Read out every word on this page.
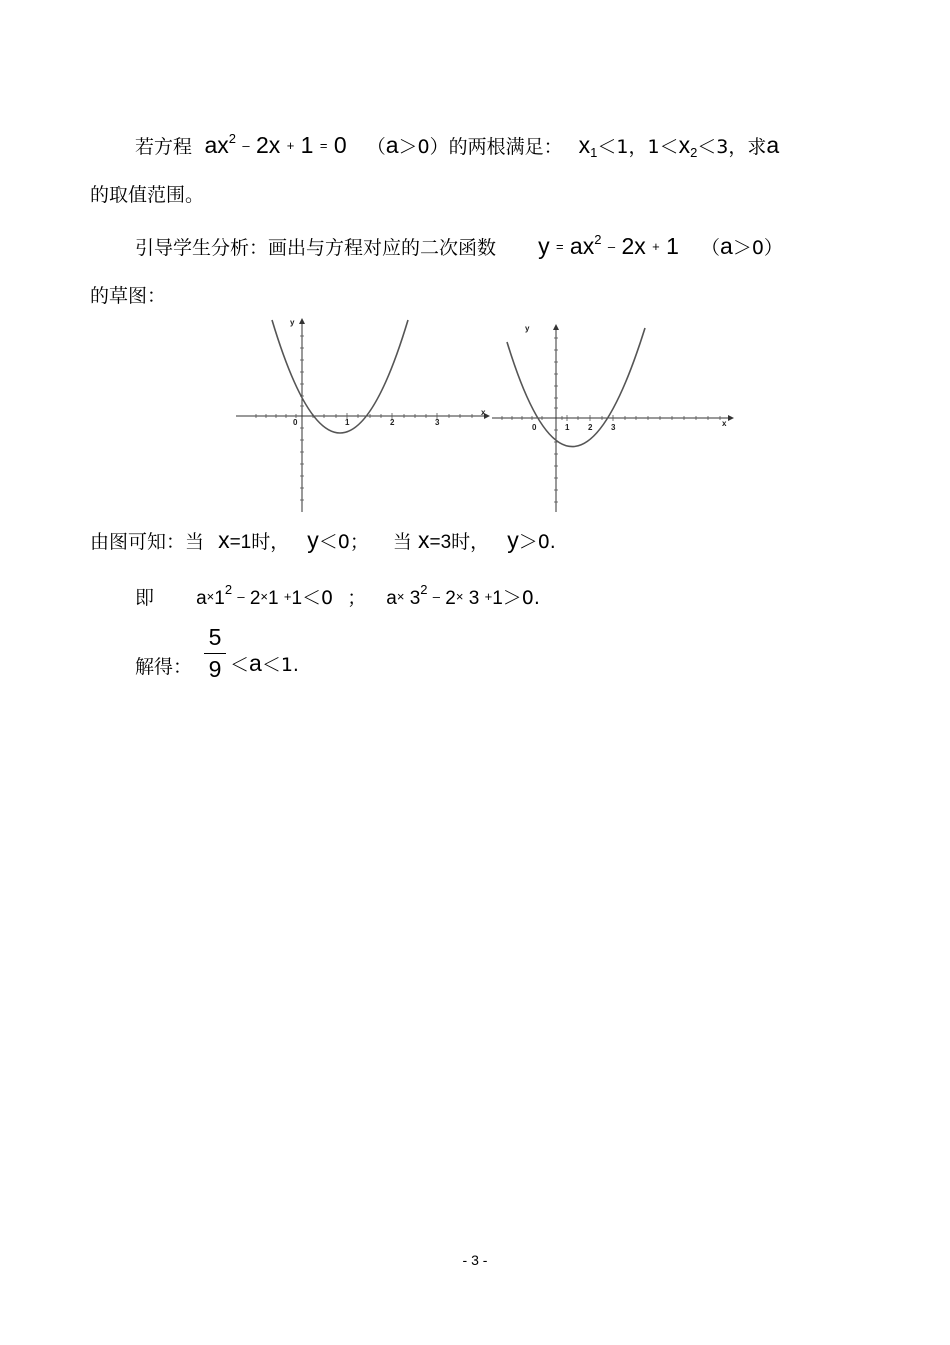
若方程  $ax^2 - 2x + 1 = 0$ （a＞0）的两根满足： x1＜1，1＜x2＜3，求a
的取值范围。
引导学生分析：画出与方程对应的二次函数 $y = ax^2 - 2x + 1$ （a＞0）
的草图：
y
x
0	1	2	3
y
x
0	1 2 3
由图可知：当 x=1时， y＜0； 当 x=3时， y＞0.
即 $a\times 1^2 - 2\times 1 +1<0$ ； $a\times 3^2 - 2\times 3 +1>0$.
解得：
5
9 ＜a＜1.
- 3 -
